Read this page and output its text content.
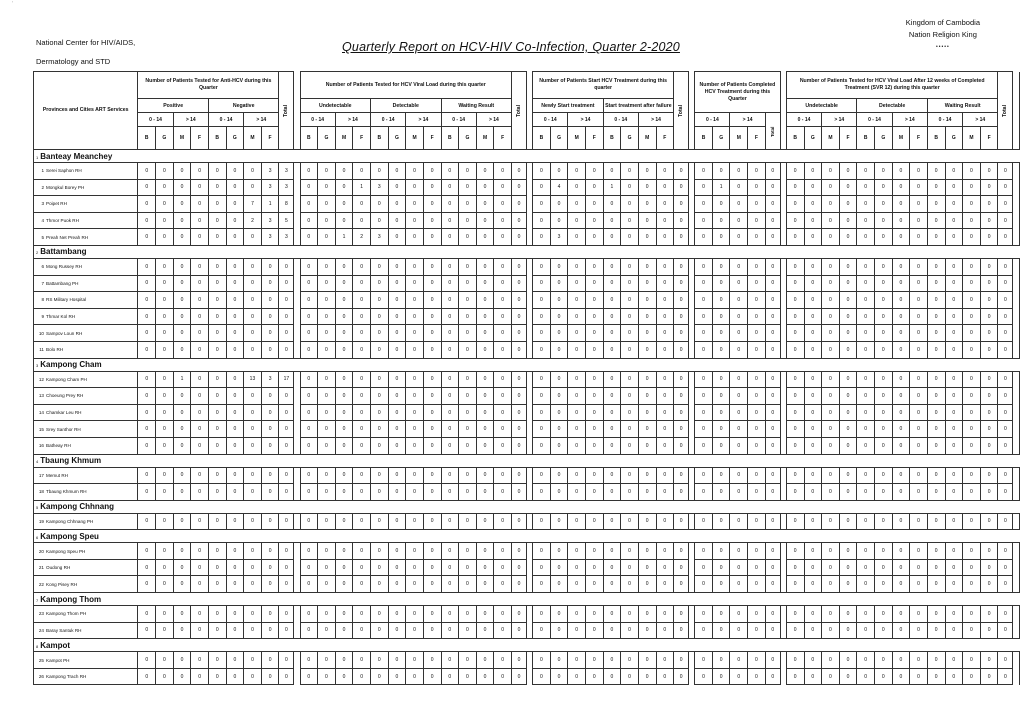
'
National Center for HIV/AIDS,
Dermatology and STD
Kingdom of Cambodia
Nation Religion King
•••••
Quarterly Report on HCV-HIV Co-Infection, Quarter 2-2020
Provinces and Cities ART Services	Number of Patients Tested for Anti-HCV during this Quarter								Total		Number of Patients Tested for HCV Viral Load during this quarter												Total		Number of Patients Start HCV Treatment during this quarter								Total		Number of Patients Completed HCV Treatment during this Quarter						Number of Patients Tested for HCV Viral Load After 12 weeks of Completed Treatment (SVR 12) during this quarter												Total	
	Positive				Negative						Undetectable				Detectable				Waiting Result						Newly Start treatment				Start treatment after failure												Undetectable				Detectable				Waiting Result					
	0 - 14		> 14		0 - 14		> 14				0 - 14		> 14		0 - 14		> 14		0 - 14		> 14				0 - 14		> 14		0 - 14		> 14				0 - 14		> 14		Total		0 - 14		> 14		0 - 14		> 14		0 - 14		> 14			
	B	G	M	F	B	G	M	F			B	G	M	F	B	G	M	F	B	G	M	F			B	G	M	F	B	G	M	F			B	G	M	F			B	G	M	F	B	G	M	F	B	G	M	F		
1 Banteay Meanchey																																																						
1 Serei Saphon RH	0	0	0	0	0	0	0	3	3		0	0	0	0	0	0	0	0	0	0	0	0	0		0	0	0	0	0	0	0	0	0		0	0	0	0	0		0	0	0	0	0	0	0	0	0	0	0	0	0	
2 Mongkul Borey PH	0	0	0	0	0	0	0	3	3		0	0	0	1	3	0	0	0	0	0	0	0	0		0	4	0	0	1	0	0	0	0		0	1	0	0	0		0	0	0	0	0	0	0	0	0	0	0	0	0	
3 Poipet RH	0	0	0	0	0	0	7	1	8		0	0	0	0	0	0	0	0	0	0	0	0	0		0	0	0	0	0	0	0	0	0		0	0	0	0	0		0	0	0	0	0	0	0	0	0	0	0	0	0	
4 Thmor Puok RH	0	0	0	0	0	0	2	3	5		0	0	0	0	0	0	0	0	0	0	0	0	0		0	0	0	0	0	0	0	0	0		0	0	0	0	0		0	0	0	0	0	0	0	0	0	0	0	0	0	
5 Preah Net Preah RH	0	0	0	0	0	0	0	3	3		0	0	1	2	3	0	0	0	0	0	0	0	0		0	3	0	0	0	0	0	0	0		0	0	0	0	0		0	0	0	0	0	0	0	0	0	0	0	0	0	
2 Battambang																																																						
6 Mong Russey RH	0	0	0	0	0	0	0	0	0		0	0	0	0	0	0	0	0	0	0	0	0	0		0	0	0	0	0	0	0	0	0		0	0	0	0	0		0	0	0	0	0	0	0	0	0	0	0	0	0	
7 Battambang PH	0	0	0	0	0	0	0	0	0		0	0	0	0	0	0	0	0	0	0	0	0	0		0	0	0	0	0	0	0	0	0		0	0	0	0	0		0	0	0	0	0	0	0	0	0	0	0	0	0	
8 RS Military Hospital	0	0	0	0	0	0	0	0	0		0	0	0	0	0	0	0	0	0	0	0	0	0		0	0	0	0	0	0	0	0	0		0	0	0	0	0		0	0	0	0	0	0	0	0	0	0	0	0	0	
9 Thmar Kol RH	0	0	0	0	0	0	0	0	0		0	0	0	0	0	0	0	0	0	0	0	0	0		0	0	0	0	0	0	0	0	0		0	0	0	0	0		0	0	0	0	0	0	0	0	0	0	0	0	0	
10 Sampov Loun RH	0	0	0	0	0	0	0	0	0		0	0	0	0	0	0	0	0	0	0	0	0	0		0	0	0	0	0	0	0	0	0		0	0	0	0	0		0	0	0	0	0	0	0	0	0	0	0	0	0	
11 Bolo RH	0	0	0	0	0	0	0	0	0		0	0	0	0	0	0	0	0	0	0	0	0	0		0	0	0	0	0	0	0	0	0		0	0	0	0	0		0	0	0	0	0	0	0	0	0	0	0	0	0	
3 Kampong Cham																																																						
12 Kampong Cham PH	0	0	1	0	0	0	13	3	17		0	0	0	0	0	0	0	0	0	0	0	0	0		0	0	0	0	0	0	0	0	0		0	0	0	0	0		0	0	0	0	0	0	0	0	0	0	0	0	0	
13 Choeung Prey RH	0	0	0	0	0	0	0	0	0		0	0	0	0	0	0	0	0	0	0	0	0	0		0	0	0	0	0	0	0	0	0		0	0	0	0	0		0	0	0	0	0	0	0	0	0	0	0	0	0	
14 Chamkar Leu RH	0	0	0	0	0	0	0	0	0		0	0	0	0	0	0	0	0	0	0	0	0	0		0	0	0	0	0	0	0	0	0		0	0	0	0	0		0	0	0	0	0	0	0	0	0	0	0	0	0	
15 Srey Santhor RH	0	0	0	0	0	0	0	0	0		0	0	0	0	0	0	0	0	0	0	0	0	0		0	0	0	0	0	0	0	0	0		0	0	0	0	0		0	0	0	0	0	0	0	0	0	0	0	0	0	
16 Batheay RH	0	0	0	0	0	0	0	0	0		0	0	0	0	0	0	0	0	0	0	0	0	0		0	0	0	0	0	0	0	0	0		0	0	0	0	0		0	0	0	0	0	0	0	0	0	0	0	0	0	
4 Tbaung Khmum																																																						
17 Memut RH	0	0	0	0	0	0	0	0	0		0	0	0	0	0	0	0	0	0	0	0	0	0		0	0	0	0	0	0	0	0	0		0	0	0	0	0		0	0	0	0	0	0	0	0	0	0	0	0	0	
18 Tbaung Khmum RH	0	0	0	0	0	0	0	0	0		0	0	0	0	0	0	0	0	0	0	0	0	0		0	0	0	0	0	0	0	0	0		0	0	0	0	0		0	0	0	0	0	0	0	0	0	0	0	0	0	
5 Kampong Chhnang																																																						
19 Kampong Chhnang PH	0	0	0	0	0	0	0	0	0		0	0	0	0	0	0	0	0	0	0	0	0	0		0	0	0	0	0	0	0	0	0		0	0	0	0	0		0	0	0	0	0	0	0	0	0	0	0	0	0	
6 Kampong Speu																																																						
20 Kampong Speu PH	0	0	0	0	0	0	0	0	0		0	0	0	0	0	0	0	0	0	0	0	0	0		0	0	0	0	0	0	0	0	0		0	0	0	0	0		0	0	0	0	0	0	0	0	0	0	0	0	0	
21 Oudong RH	0	0	0	0	0	0	0	0	0		0	0	0	0	0	0	0	0	0	0	0	0	0		0	0	0	0	0	0	0	0	0		0	0	0	0	0		0	0	0	0	0	0	0	0	0	0	0	0	0	
22 Kong Pisey RH	0	0	0	0	0	0	0	0	0		0	0	0	0	0	0	0	0	0	0	0	0	0		0	0	0	0	0	0	0	0	0		0	0	0	0	0		0	0	0	0	0	0	0	0	0	0	0	0	0	
7 Kampong Thom																																																						
23 Kampong Thom PH	0	0	0	0	0	0	0	0	0		0	0	0	0	0	0	0	0	0	0	0	0	0		0	0	0	0	0	0	0	0	0		0	0	0	0	0		0	0	0	0	0	0	0	0	0	0	0	0	0	
24 Baray Santuk RH	0	0	0	0	0	0	0	0	0		0	0	0	0	0	0	0	0	0	0	0	0	0		0	0	0	0	0	0	0	0	0		0	0	0	0	0		0	0	0	0	0	0	0	0	0	0	0	0	0	
8 Kampot																																																						
25 Kampot PH	0	0	0	0	0	0	0	0	0		0	0	0	0	0	0	0	0	0	0	0	0	0		0	0	0	0	0	0	0	0	0		0	0	0	0	0		0	0	0	0	0	0	0	0	0	0	0	0	0	
26 Kampong Trach RH	0	0	0	0	0	0	0	0	0		0	0	0	0	0	0	0	0	0	0	0	0	0		0	0	0	0	0	0	0	0	0		0	0	0	0	0		0	0	0	0	0	0	0	0	0	0	0	0	0	
